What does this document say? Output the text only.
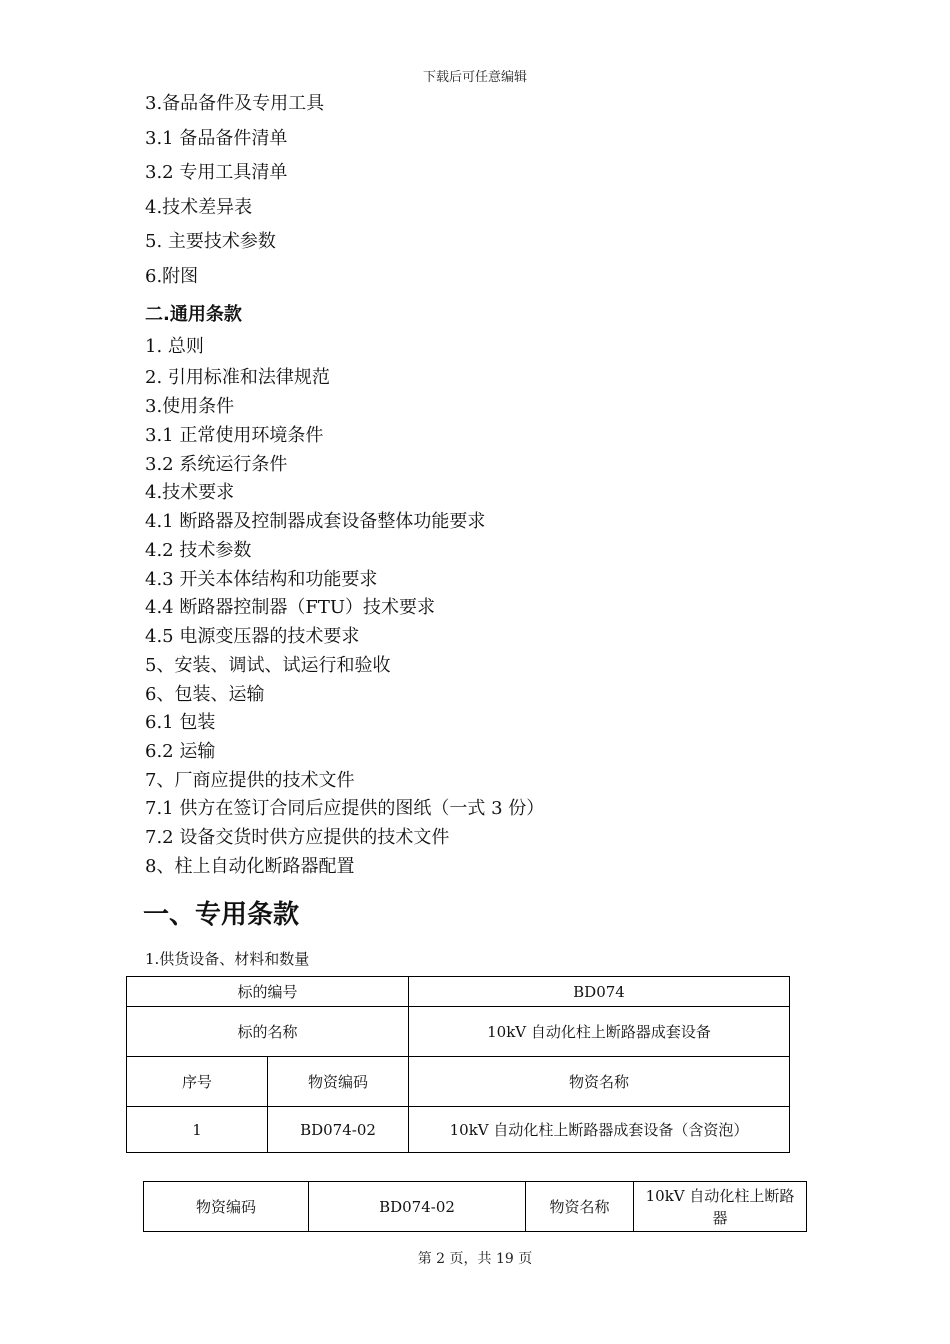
下载后可任意编辑
3.备品备件及专用工具
3.1 备品备件清单
3.2 专用工具清单
4.技术差异表
5. 主要技术参数
6.附图
二.通用条款
1. 总则
2. 引用标准和法律规范
3.使用条件
3.1 正常使用环境条件
3.2 系统运行条件
4.技术要求
4.1 断路器及控制器成套设备整体功能要求
4.2 技术参数
4.3 开关本体结构和功能要求
4.4 断路器控制器（FTU）技术要求
4.5 电源变压器的技术要求
5、安装、调试、试运行和验收
6、包装、运输
6.1 包装
6.2 运输
7、厂商应提供的技术文件
7.1 供方在签订合同后应提供的图纸（一式 3 份）
7.2 设备交货时供方应提供的技术文件
8、柱上自动化断路器配置
一、专用条款
1.供货设备、材料和数量
标的编号		BD074
标的名称		10kV 自动化柱上断路器成套设备
序号	物资编码	物资名称
1	BD074-02	10kV 自动化柱上断路器成套设备（含资泡）
物资编码	BD074-02	物资名称	10kV 自动化柱上断路器
第 2 页，共 19 页
